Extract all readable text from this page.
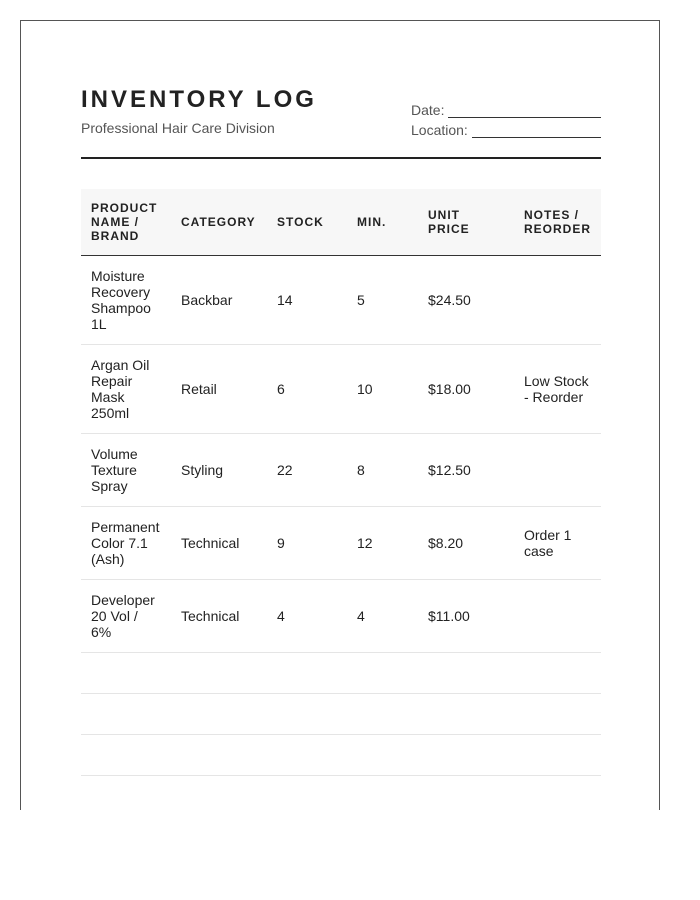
INVENTORY LOG
Professional Hair Care Division
Date:
Location:
PRODUCT NAME / BRAND	CATEGORY	STOCK	MIN.	UNIT PRICE	NOTES / REORDER
Moisture Recovery Shampoo 1L	Backbar	14	5	$24.50	
Argan Oil Repair Mask 250ml	Retail	6	10	$18.00	Low Stock - Reorder
Volume Texture Spray	Styling	22	8	$12.50	
Permanent Color 7.1 (Ash)	Technical	9	12	$8.20	Order 1 case
Developer 20 Vol / 6%	Technical	4	4	$11.00	
